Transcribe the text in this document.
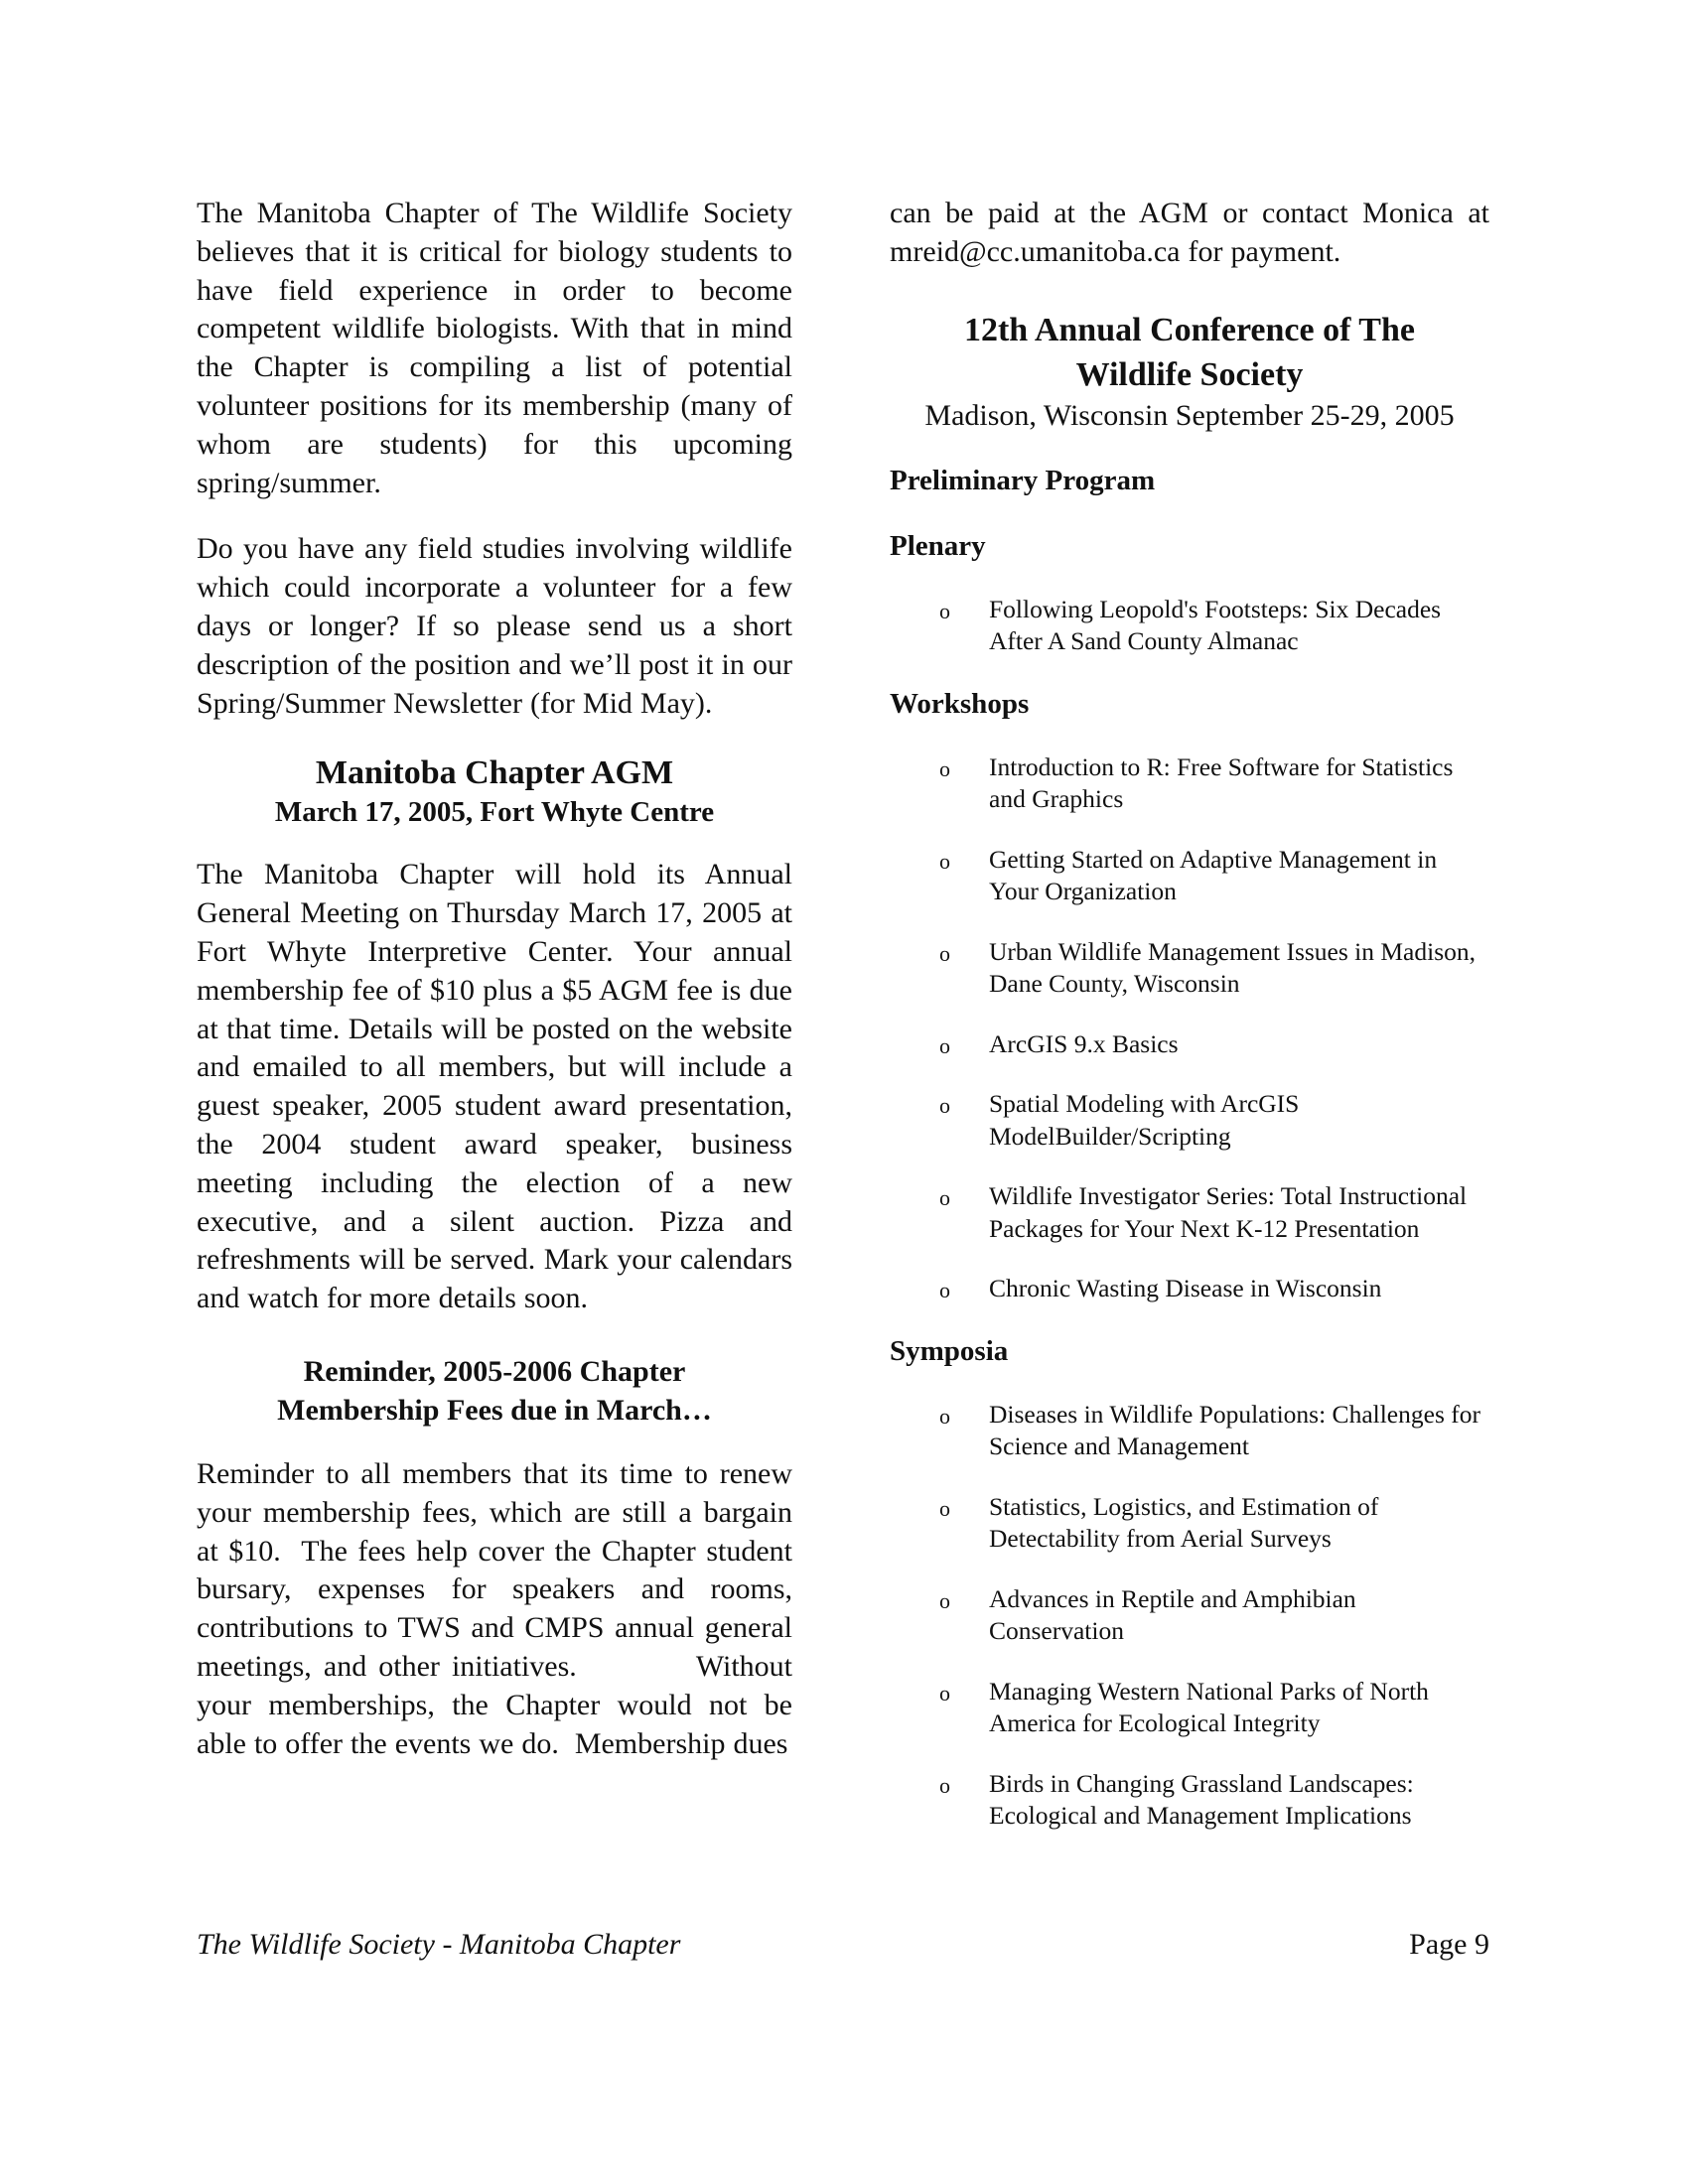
The Manitoba Chapter of The Wildlife Society believes that it is critical for biology students to have field experience in order to become competent wildlife biologists. With that in mind the Chapter is compiling a list of potential volunteer positions for its membership (many of whom are students) for this upcoming spring/summer.

Do you have any field studies involving wildlife which could incorporate a volunteer for a few days or longer? If so please send us a short description of the position and we’ll post it in our Spring/Summer Newsletter (for Mid May).

Manitoba Chapter AGM
March 17, 2005, Fort Whyte Centre

The Manitoba Chapter will hold its Annual General Meeting on Thursday March 17, 2005 at Fort Whyte Interpretive Center. Your annual membership fee of $10 plus a $5 AGM fee is due at that time. Details will be posted on the website and emailed to all members, but will include a guest speaker, 2005 student award presentation, the 2004 student award speaker, business meeting including the election of a new executive, and a silent auction. Pizza and refreshments will be served. Mark your calendars and watch for more details soon.

Reminder, 2005-2006 Chapter
Membership Fees due in March…

Reminder to all members that its time to renew your membership fees, which are still a bargain at $10.  The fees help cover the Chapter student bursary, expenses for speakers and rooms, contributions to TWS and CMPS annual general meetings, and other initiatives.          Without your memberships, the Chapter would not be able to offer the events we do.  Membership dues

can be paid at the AGM or contact Monica at mreid@cc.umanitoba.ca for payment.

12th Annual Conference of The
Wildlife Society
Madison, Wisconsin September 25-29, 2005
Preliminary Program
Plenary
o Following Leopold's Footsteps: Six Decades After A Sand County Almanac
Workshops
o Introduction to R: Free Software for Statistics and Graphics
o Getting Started on Adaptive Management in Your Organization
o Urban Wildlife Management Issues in Madison, Dane County, Wisconsin
o ArcGIS 9.x Basics
o Spatial Modeling with ArcGIS ModelBuilder/Scripting
o Wildlife Investigator Series: Total Instructional Packages for Your Next K-12 Presentation
o Chronic Wasting Disease in Wisconsin
Symposia
o Diseases in Wildlife Populations: Challenges for Science and Management
o Statistics, Logistics, and Estimation of Detectability from Aerial Surveys
o Advances in Reptile and Amphibian Conservation
o Managing Western National Parks of North America for Ecological Integrity
o Birds in Changing Grassland Landscapes: Ecological and Management Implications
The Wildlife Society - Manitoba Chapter	Page 9
